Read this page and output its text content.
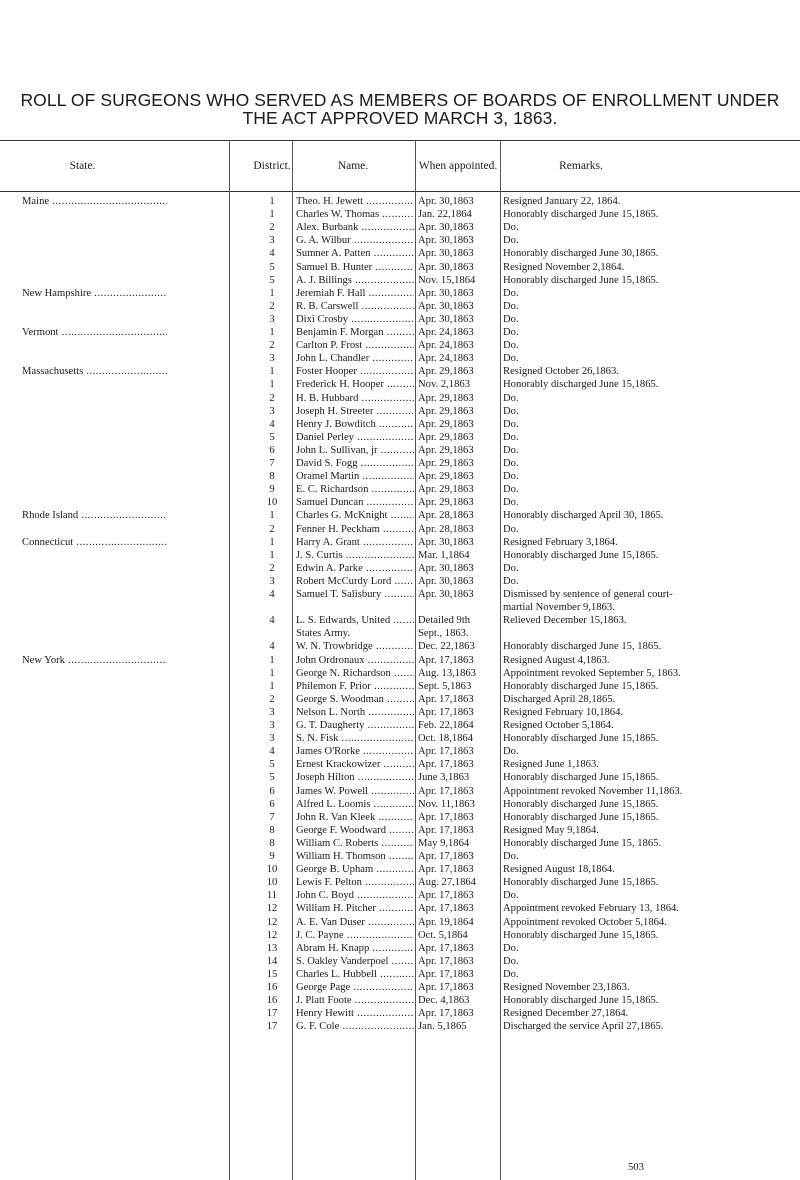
ROLL OF SURGEONS WHO SERVED AS MEMBERS OF BOARDS OF ENROLLMENT UNDER
THE ACT APPROVED MARCH 3, 1863.
State.	District.	Name.	When appointed.	Remarks.
Maine .....	1	Theo. H. Jewett .....	Apr. 30,1863	Resigned January 22, 1864.
1	Charles W. Thomas .....	Jan. 22,1864	Honorably discharged June 15,1865.
2	Alex. Burbank .....	Apr. 30,1863	Do.
3	G. A. Wilbur .....	Apr. 30,1863	Do.
4	Sumner A. Patten .....	Apr. 30,1863	Honorably discharged June 30,1865.
5	Samuel B. Hunter .....	Apr. 30,1863	Resigned November 2,1864.
5	A. J. Billings .....	Nov. 15,1864	Honorably discharged June 15,1865.
New Hampshire .....	1	Jeremiah F. Hall .....	Apr. 30,1863	Do.
2	R. B. Carswell .....	Apr. 30,1863	Do.
3	Dixi Crosby .....	Apr. 30,1863	Do.
Vermont .....	1	Benjamin F. Morgan .....	Apr. 24,1863	Do.
2	Carlton P. Frost .....	Apr. 24,1863	Do.
3	John L. Chandler .....	Apr. 24,1863	Do.
Massachusetts .....	1	Foster Hooper .....	Apr. 29,1863	Resigned October 26,1863.
1	Frederick H. Hooper .....	Nov. 2,1863	Honorably discharged June 15,1865.
2	H. B. Hubbard .....	Apr. 29,1863	Do.
3	Joseph H. Streeter .....	Apr. 29,1863	Do.
4	Henry J. Bowditch .....	Apr. 29,1863	Do.
5	Daniel Perley .....	Apr. 29,1863	Do.
6	John L. Sullivan, jr .....	Apr. 29,1863	Do.
7	David S. Fogg .....	Apr. 29,1863	Do.
8	Oramel Martin .....	Apr. 29,1863	Do.
9	E. C. Richardson .....	Apr. 29,1863	Do.
10	Samuel Duncan .....	Apr. 29,1863	Do.
Rhode Island .....	1	Charles G. McKnight .....	Apr. 28,1863	Honorably discharged April 30, 1865.
2	Fenner H. Peckham .....	Apr. 28,1863	Do.
Connecticut .....	1	Harry A. Grant .....	Apr. 30,1863	Resigned February 3,1864.
1	J. S. Curtis .....	Mar. 1,1864	Honorably discharged June 15,1865.
2	Edwin A. Parke .....	Apr. 30,1863	Do.
3	Robert McCurdy Lord .....	Apr. 30,1863	Do.
4	Samuel T. Salisbury .....	Apr. 30,1863	Dismissed by sentence of general court-
martial November 9,1863.
4	L. S. Edwards, United .....	Detailed 9th	Relieved December 15,1863.
States Army.	Sept., 1863.
4	W. N. Trowbridge .....	Dec. 22,1863	Honorably discharged June 15, 1865.
New York .....	1	John Ordronaux .....	Apr. 17,1863	Resigned August 4,1863.
1	George N. Richardson .....	Aug. 13,1863	Appointment revoked September 5, 1863.
1	Philemon F. Prior .....	Sept. 5,1863	Honorably discharged June 15,1865.
2	George S. Woodman .....	Apr. 17,1863	Discharged April 28,1865.
3	Nelson L. North .....	Apr. 17,1863	Resigned February 10,1864.
3	G. T. Daugherty .....	Feb. 22,1864	Resigned October 5,1864.
3	S. N. Fisk .....	Oct. 18,1864	Honorably discharged June 15,1865.
4	James O'Rorke .....	Apr. 17,1863	Do.
5	Ernest Krackowizer .....	Apr. 17,1863	Resigned June 1,1863.
5	Joseph Hilton .....	June 3,1863	Honorably discharged June 15,1865.
6	James W. Powell .....	Apr. 17,1863	Appointment revoked November 11,1863.
6	Alfred L. Loomis .....	Nov. 11,1863	Honorably discharged June 15,1865.
7	John R. Van Kleek .....	Apr. 17,1863	Honorably discharged June 15,1865.
8	George F. Woodward .....	Apr. 17,1863	Resigned May 9,1864.
8	William C. Roberts .....	May 9,1864	Honorably discharged June 15, 1865.
9	William H. Thomson .....	Apr. 17,1863	Do.
10	George B. Upham .....	Apr. 17,1863	Resigned August 18,1864.
10	Lewis F. Pelton .....	Aug. 27,1864	Honorably discharged June 15,1865.
11	John C. Boyd .....	Apr. 17,1863	Do.
12	William H. Pitcher .....	Apr. 17,1863	Appointment revoked February 13, 1864.
12	A. E. Van Duser .....	Apr. 19,1864	Appointment revoked October 5,1864.
12	J. C. Payne .....	Oct. 5,1864	Honorably discharged June 15,1865.
13	Abram H. Knapp .....	Apr. 17,1863	Do.
14	S. Oakley Vanderpoel .....	Apr. 17,1863	Do.
15	Charles L. Hubbell .....	Apr. 17,1863	Do.
16	George Page .....	Apr. 17,1863	Resigned November 23,1863.
16	J. Platt Foote .....	Dec. 4,1863	Honorably discharged June 15,1865.
17	Henry Hewitt .....	Apr. 17,1863	Resigned December 27,1864.
17	G. F. Cole .....	Jan. 5,1865	Discharged the service April 27,1865.
503
